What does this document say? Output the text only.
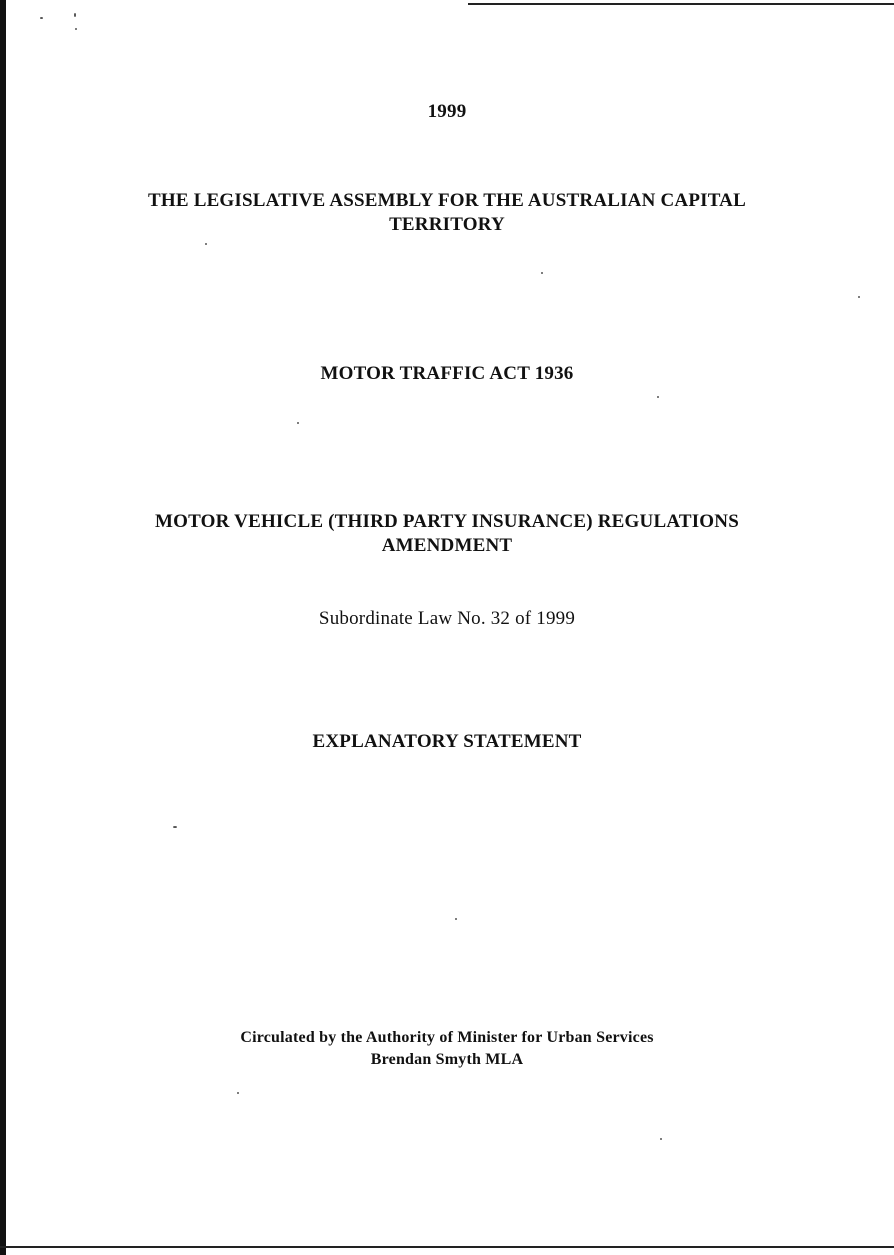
1999
THE LEGISLATIVE ASSEMBLY FOR THE AUSTRALIAN CAPITAL
TERRITORY
MOTOR TRAFFIC ACT 1936
MOTOR VEHICLE (THIRD PARTY INSURANCE) REGULATIONS
AMENDMENT
Subordinate Law No. 32 of 1999
EXPLANATORY STATEMENT
Circulated by the Authority of Minister for Urban Services
Brendan Smyth MLA
